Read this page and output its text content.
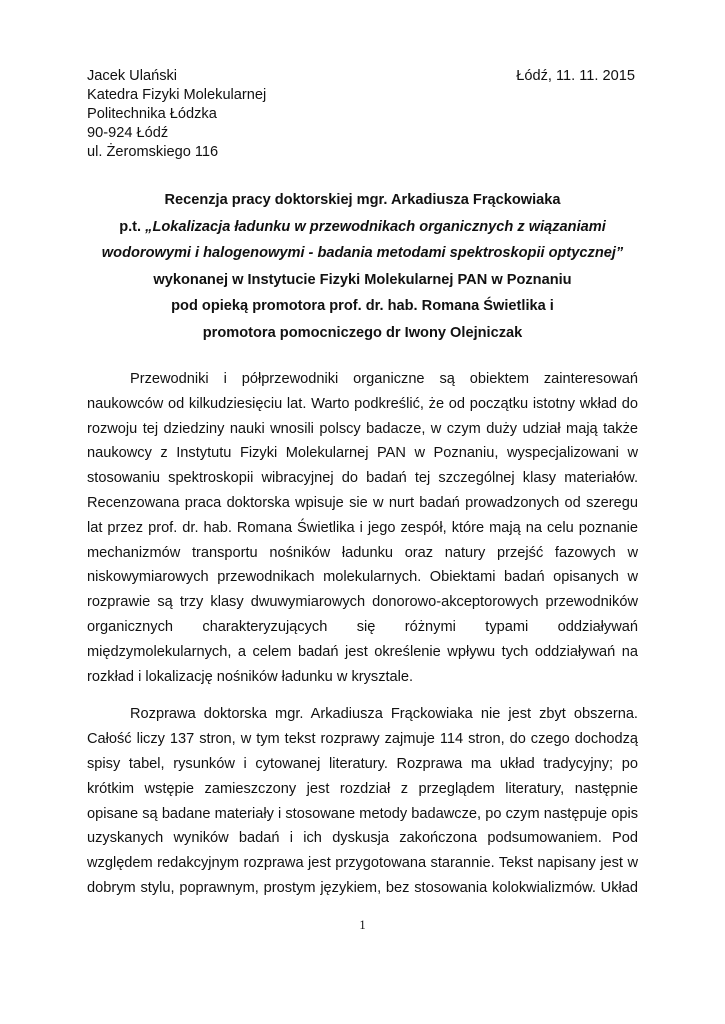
Jacek Ulański
Katedra Fizyki Molekularnej
Politechnika Łódzka
90-924 Łódź
ul. Żeromskiego 116
Łódź, 11. 11. 2015
Recenzja pracy doktorskiej mgr. Arkadiusza Frąckowiaka
p.t. „Lokalizacja ładunku w przewodnikach organicznych z wiązaniami
wodorowymi i halogenowymi - badania metodami spektroskopii optycznej”
wykonanej w Instytucie Fizyki Molekularnej PAN w Poznaniu
pod opieką promotora prof. dr. hab. Romana Świetlika i
promotora pomocniczego dr Iwony Olejniczak
Przewodniki i półprzewodniki organiczne są obiektem zainteresowań
naukowców od kilkudziesięciu lat. Warto podkreślić, że od początku istotny wkład do
rozwoju tej dziedziny nauki wnosili polscy badacze, w czym duży udział mają także
naukowcy z Instytutu Fizyki Molekularnej PAN w Poznaniu, wyspecjalizowani w
stosowaniu spektroskopii wibracyjnej do badań tej szczególnej klasy materiałów.
Recenzowana praca doktorska wpisuje sie w nurt badań prowadzonych od szeregu
lat przez prof. dr. hab. Romana Świetlika i jego zespół, które mają na celu poznanie
mechanizmów transportu nośników ładunku oraz natury przejść fazowych w
niskowymiarowych przewodnikach molekularnych. Obiektami badań opisanych w
rozprawie są trzy klasy dwuwymiarowych donorowo-akceptorowych przewodników
organicznych charakteryzujących się różnymi typami oddziaływań
międzymolekularnych, a celem badań jest określenie wpływu tych oddziaływań na
rozkład i lokalizację nośników ładunku w krysztale.
Rozprawa doktorska mgr. Arkadiusza Frąckowiaka nie jest zbyt obszerna.
Całość liczy 137 stron, w tym tekst rozprawy zajmuje 114 stron, do czego dochodzą
spisy tabel, rysunków i cytowanej literatury. Rozprawa ma układ tradycyjny; po
krótkim wstępie zamieszczony jest rozdział z przeglądem literatury, następnie
opisane są badane materiały i stosowane metody badawcze, po czym następuje opis
uzyskanych wyników badań i ich dyskusja zakończona podsumowaniem. Pod
względem redakcyjnym rozprawa jest przygotowana starannie. Tekst napisany jest w
dobrym stylu, poprawnym, prostym językiem, bez stosowania kolokwializmów. Układ
1
